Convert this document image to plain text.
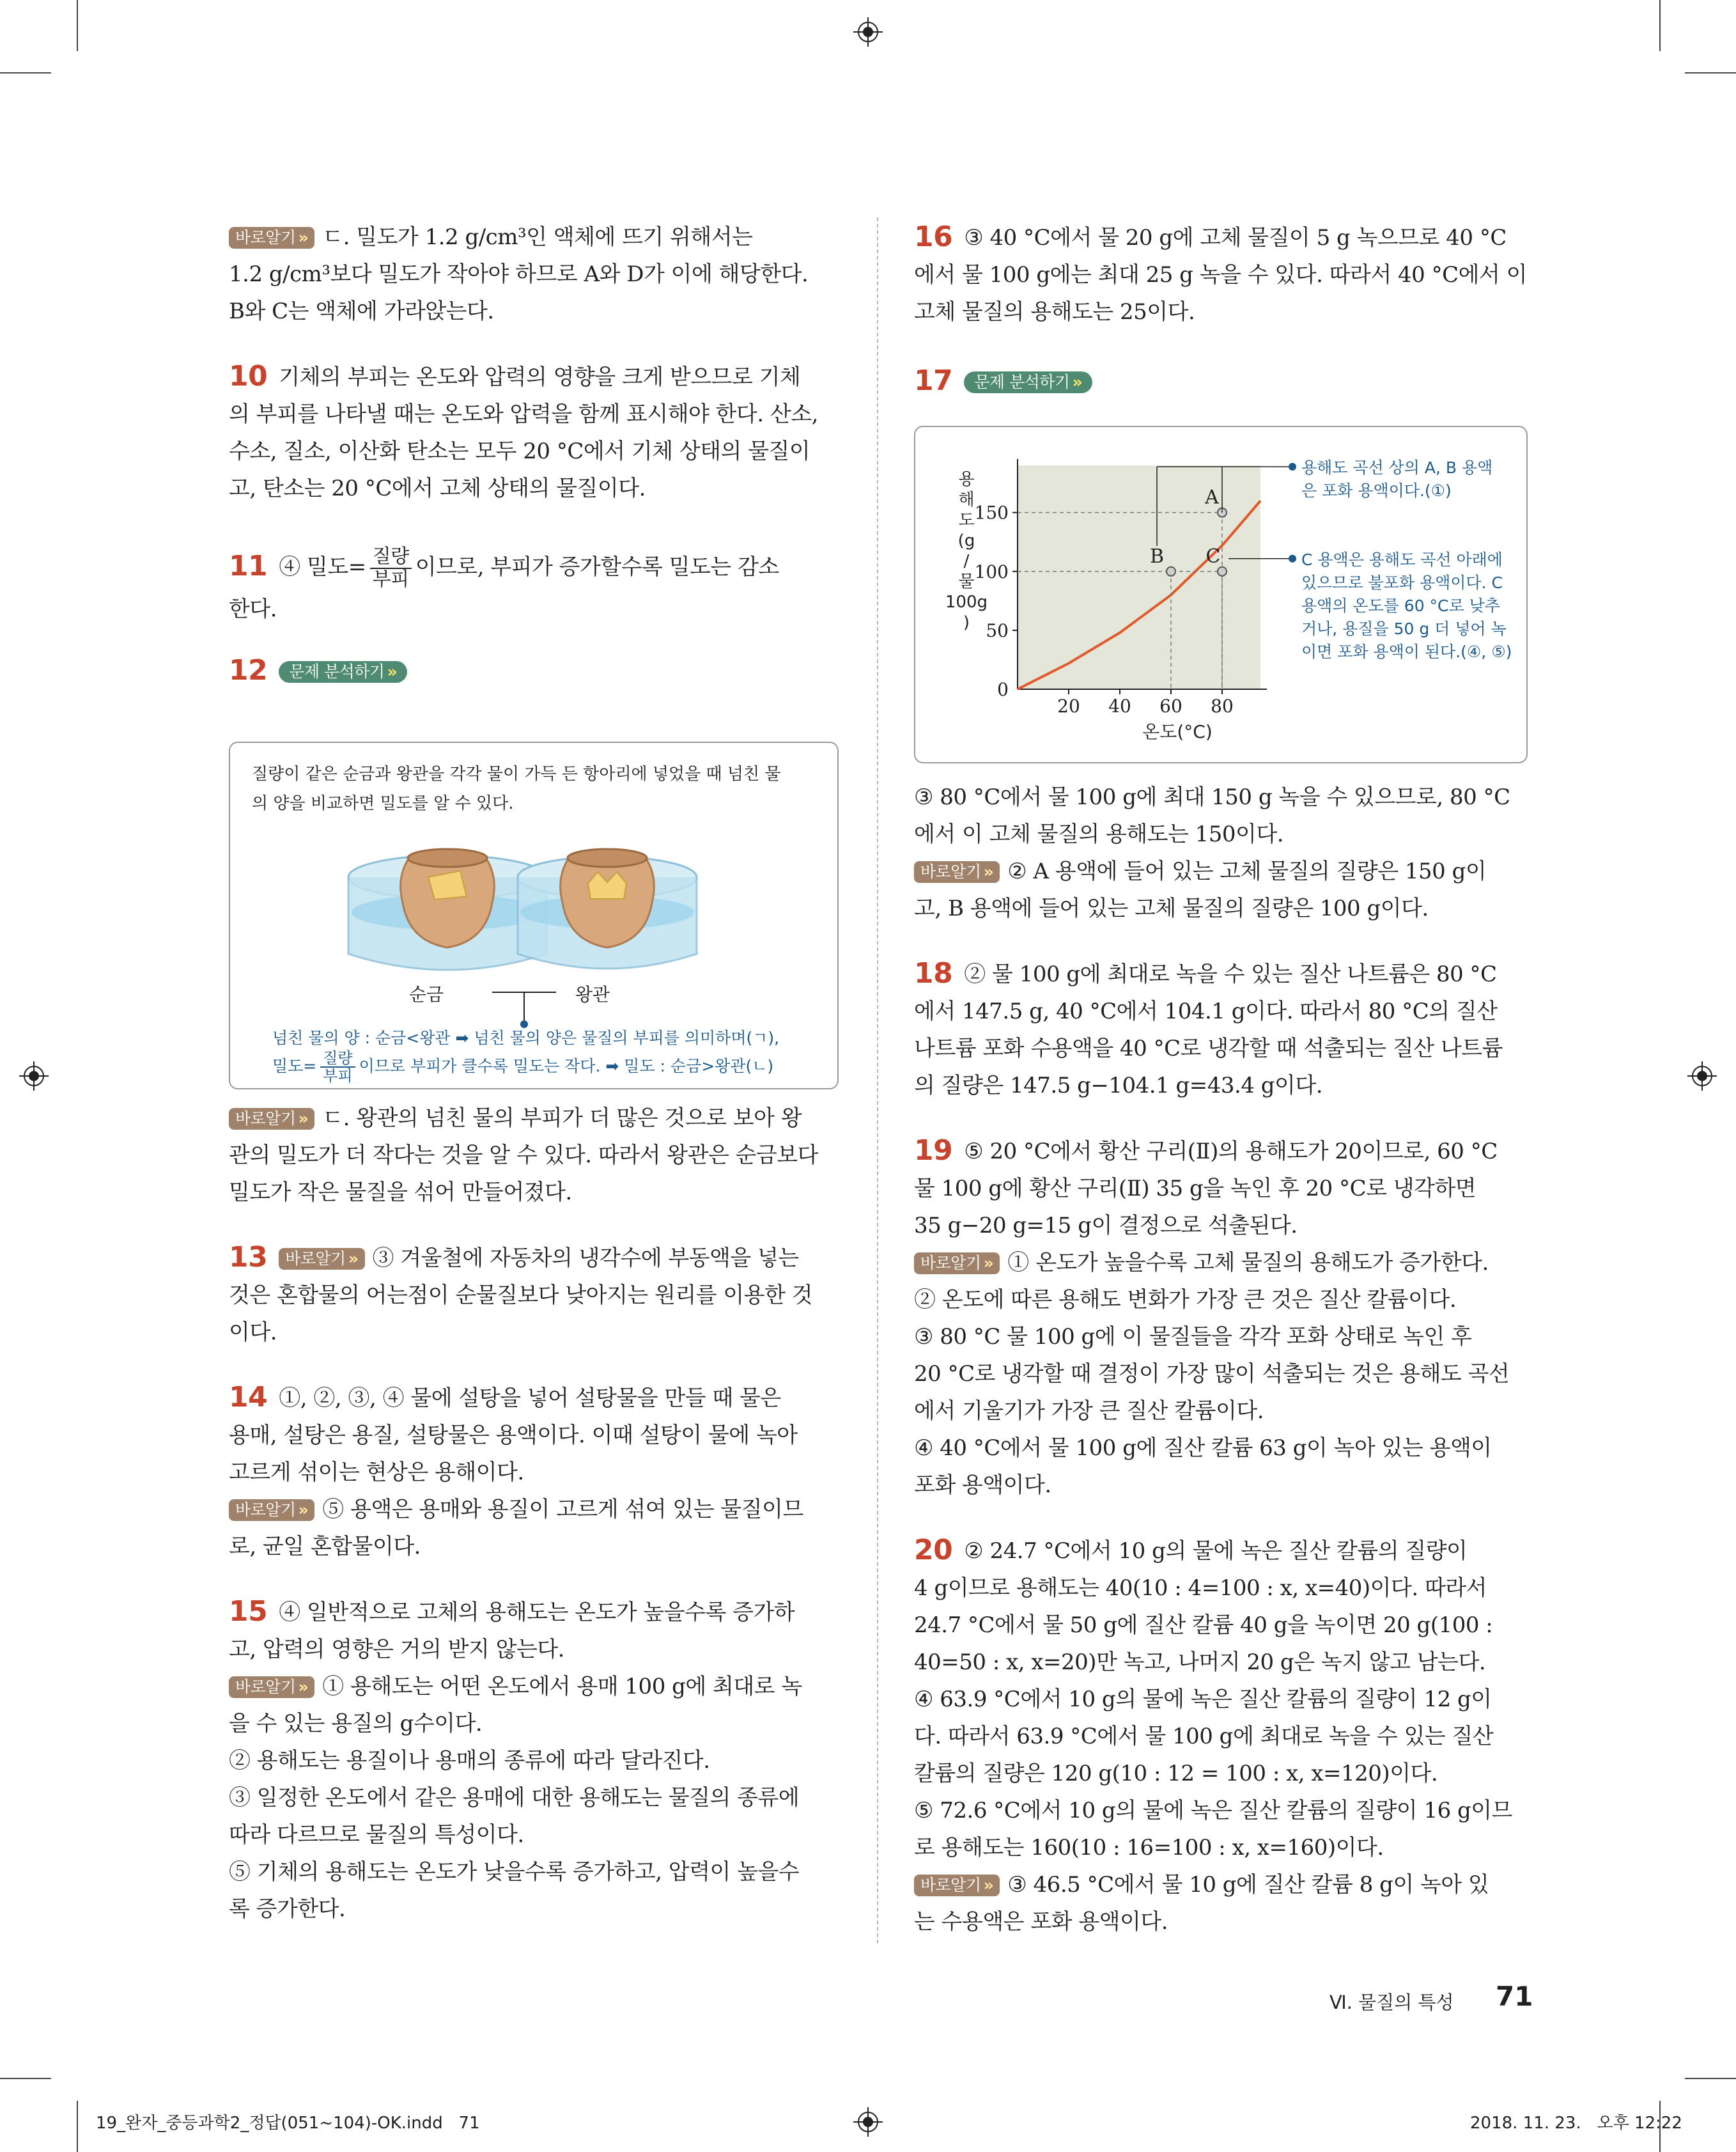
바로알기 » ㄷ. 밀도가 1.2 g/cm³인 액체에 뜨기 위해서는

1.2 g/cm³보다 밀도가 작아야 하므로 A와 D가 이에 해당한다.

B와 C는 액체에 가라앉는다.

10 기체의 부피는 온도와 압력의 영향을 크게 받으므로 기체

의 부피를 나타낼 때는 온도와 압력을 함께 표시해야 한다. 산소,

수소, 질소, 이산화 탄소는 모두 20 °C에서 기체 상태의 물질이

고, 탄소는 20 °C에서 고체 상태의 물질이다.

11 ④ 밀도= $\frac{\text{질량}}{\text{부피}}$ 이므로, 부피가 증가할수록 밀도는 감소

한다.

12 문제 분석하기 »

질량이 같은 순금과 왕관을 각각 물이 가득 든 항아리에 넣었을 때 넘친 물
의 양을 비교하면 밀도를 알 수 있다.
순금	왕관
넘친 물의 양 : 순금<왕관 ➡ 넘친 물의 양은 물질의 부피를 의미하며(ㄱ),
밀도= $\frac{\text{질량}}{\text{부피}}$ 이므로 부피가 클수록 밀도는 작다. ➡ 밀도 : 순금>왕관(ㄴ)

바로알기 » ㄷ. 왕관의 넘친 물의 부피가 더 많은 것으로 보아 왕

관의 밀도가 더 작다는 것을 알 수 있다. 따라서 왕관은 순금보다

밀도가 작은 물질을 섞어 만들어졌다.

13 바로알기 » ③ 겨울철에 자동차의 냉각수에 부동액을 넣는

것은 혼합물의 어는점이 순물질보다 낮아지는 원리를 이용한 것

이다.

14 ①, ②, ③, ④ 물에 설탕을 넣어 설탕물을 만들 때 물은

용매, 설탕은 용질, 설탕물은 용액이다. 이때 설탕이 물에 녹아

고르게 섞이는 현상은 용해이다.

바로알기 » ⑤ 용액은 용매와 용질이 고르게 섞여 있는 물질이므

로, 균일 혼합물이다.

15 ④ 일반적으로 고체의 용해도는 온도가 높을수록 증가하

고, 압력의 영향은 거의 받지 않는다.

바로알기 » ① 용해도는 어떤 온도에서 용매 100 g에 최대로 녹

을 수 있는 용질의 g수이다.

② 용해도는 용질이나 용매의 종류에 따라 달라진다.

③ 일정한 온도에서 같은 용매에 대한 용해도는 물질의 종류에

따라 다르므로 물질의 특성이다.

⑤ 기체의 용해도는 온도가 낮을수록 증가하고, 압력이 높을수

록 증가한다.

16 ③ 40 °C에서 물 20 g에 고체 물질이 5 g 녹으므로 40 °C

에서 물 100 g에는 최대 25 g 녹을 수 있다. 따라서 40 °C에서 이

고체 물질의 용해도는 25이다.

17 문제 분석하기 »

20 40 60 80
0
50
100
150
용
해
도
(g
/
물
100g
)
온도(°C)
A
B C
용해도 곡선 상의 A, B 용액
은 포화 용액이다.(①)
C 용액은 용해도 곡선 아래에
있으므로 불포화 용액이다. C
용액의 온도를 60 °C로 낮추
거나, 용질을 50 g 더 넣어 녹
이면 포화 용액이 된다.(④, ⑤)

③ 80 °C에서 물 100 g에 최대 150 g 녹을 수 있으므로, 80 °C

에서 이 고체 물질의 용해도는 150이다.

바로알기 » ② A 용액에 들어 있는 고체 물질의 질량은 150 g이

고, B 용액에 들어 있는 고체 물질의 질량은 100 g이다.

18 ② 물 100 g에 최대로 녹을 수 있는 질산 나트륨은 80 °C

에서 147.5 g, 40 °C에서 104.1 g이다. 따라서 80 °C의 질산

나트륨 포화 수용액을 40 °C로 냉각할 때 석출되는 질산 나트륨

의 질량은 147.5 g−104.1 g=43.4 g이다.

19 ⑤ 20 °C에서 황산 구리(Ⅱ)의 용해도가 20이므로, 60 °C

물 100 g에 황산 구리(Ⅱ) 35 g을 녹인 후 20 °C로 냉각하면

35 g−20 g=15 g이 결정으로 석출된다.

바로알기 » ① 온도가 높을수록 고체 물질의 용해도가 증가한다.

② 온도에 따른 용해도 변화가 가장 큰 것은 질산 칼륨이다.

③ 80 °C 물 100 g에 이 물질들을 각각 포화 상태로 녹인 후

20 °C로 냉각할 때 결정이 가장 많이 석출되는 것은 용해도 곡선

에서 기울기가 가장 큰 질산 칼륨이다.

④ 40 °C에서 물 100 g에 질산 칼륨 63 g이 녹아 있는 용액이

포화 용액이다.

20 ② 24.7 °C에서 10 g의 물에 녹은 질산 칼륨의 질량이

4 g이므로 용해도는 40(10 : 4=100 : x, x=40)이다. 따라서

24.7 °C에서 물 50 g에 질산 칼륨 40 g을 녹이면 20 g(100 :

40=50 : x, x=20)만 녹고, 나머지 20 g은 녹지 않고 남는다.

④ 63.9 °C에서 10 g의 물에 녹은 질산 칼륨의 질량이 12 g이

다. 따라서 63.9 °C에서 물 100 g에 최대로 녹을 수 있는 질산

칼륨의 질량은 120 g(10 : 12 = 100 : x, x=120)이다.

⑤ 72.6 °C에서 10 g의 물에 녹은 질산 칼륨의 질량이 16 g이므

로 용해도는 160(10 : 16=100 : x, x=160)이다.

바로알기 » ③ 46.5 °C에서 물 10 g에 질산 칼륨 8 g이 녹아 있

는 수용액은 포화 용액이다.

Ⅵ. 물질의 특성 71
19_완자_중등과학2_정답(051~104)-OK.indd   71	2018. 11. 23.   오후 12:22
